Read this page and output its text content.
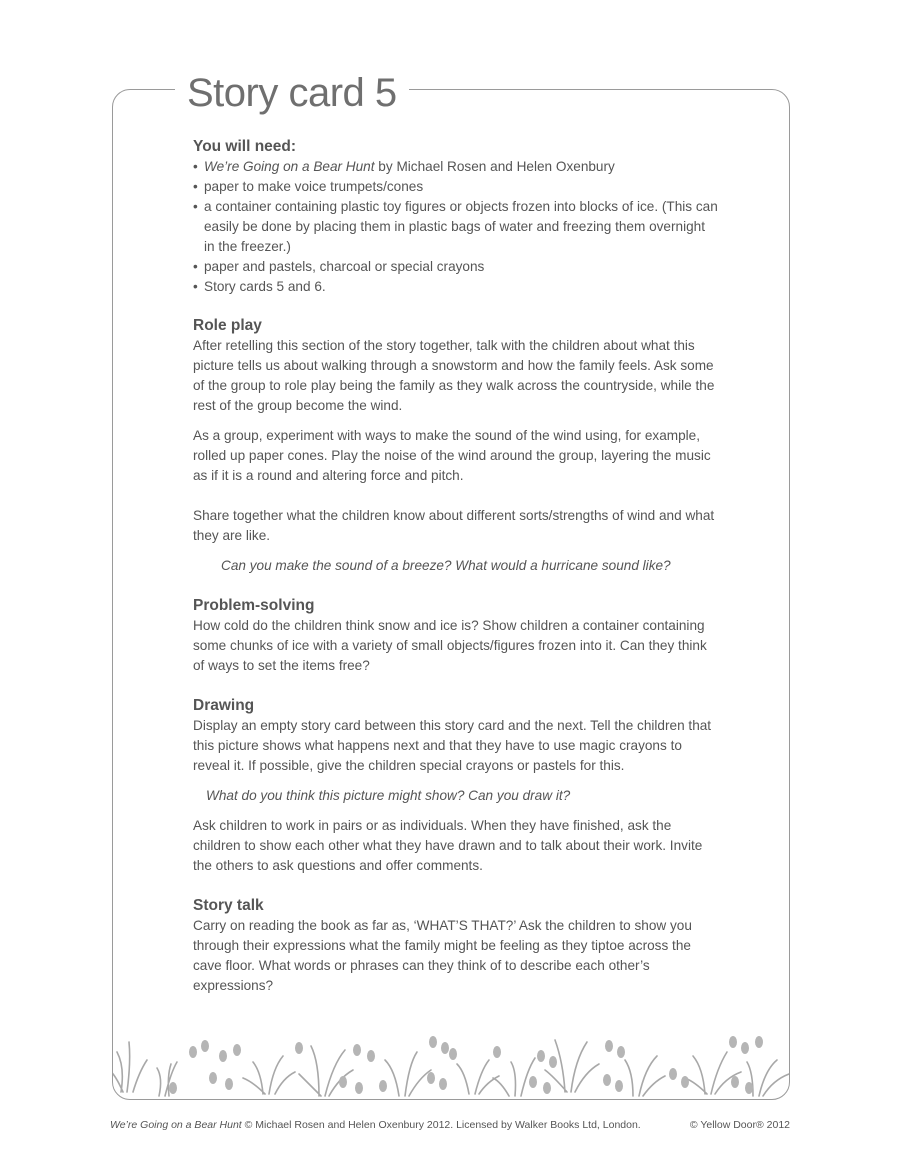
Story card 5
You will need:
• We’re Going on a Bear Hunt by Michael Rosen and Helen Oxenbury
• paper to make voice trumpets/cones
• a container containing plastic toy figures or objects frozen into blocks of ice. (This can easily be done by placing them in plastic bags of water and freezing them overnight in the freezer.)
• paper and pastels, charcoal or special crayons
• Story cards 5 and 6.
Role play

After retelling this section of the story together, talk with the children about what this picture tells us about walking through a snowstorm and how the family feels. Ask some of the group to role play being the family as they walk across the countryside, while the rest of the group become the wind.

As a group, experiment with ways to make the sound of the wind using, for example, rolled up paper cones. Play the noise of the wind around the group, layering the music as if it is a round and altering force and pitch.

Share together what the children know about different sorts/strengths of wind and what they are like.

Can you make the sound of a breeze? What would a hurricane sound like?

Problem-solving

How cold do the children think snow and ice is? Show children a container containing some chunks of ice with a variety of small objects/figures frozen into it. Can they think of ways to set the items free?

Drawing

Display an empty story card between this story card and the next. Tell the children that this picture shows what happens next and that they have to use magic crayons to reveal it. If possible, give the children special crayons or pastels for this.

What do you think this picture might show? Can you draw it?

Ask children to work in pairs or as individuals. When they have finished, ask the children to show each other what they have drawn and to talk about their work. Invite the others to ask questions and offer comments.

Story talk

Carry on reading the book as far as, ‘WHAT’S THAT?’ Ask the children to show you through their expressions what the family might be feeling as they tiptoe across the cave floor. What words or phrases can they think of to describe each other’s expressions?

We’re Going on a Bear Hunt © Michael Rosen and Helen Oxenbury 2012. Licensed by Walker Books Ltd, London.	© Yellow Door® 2012
